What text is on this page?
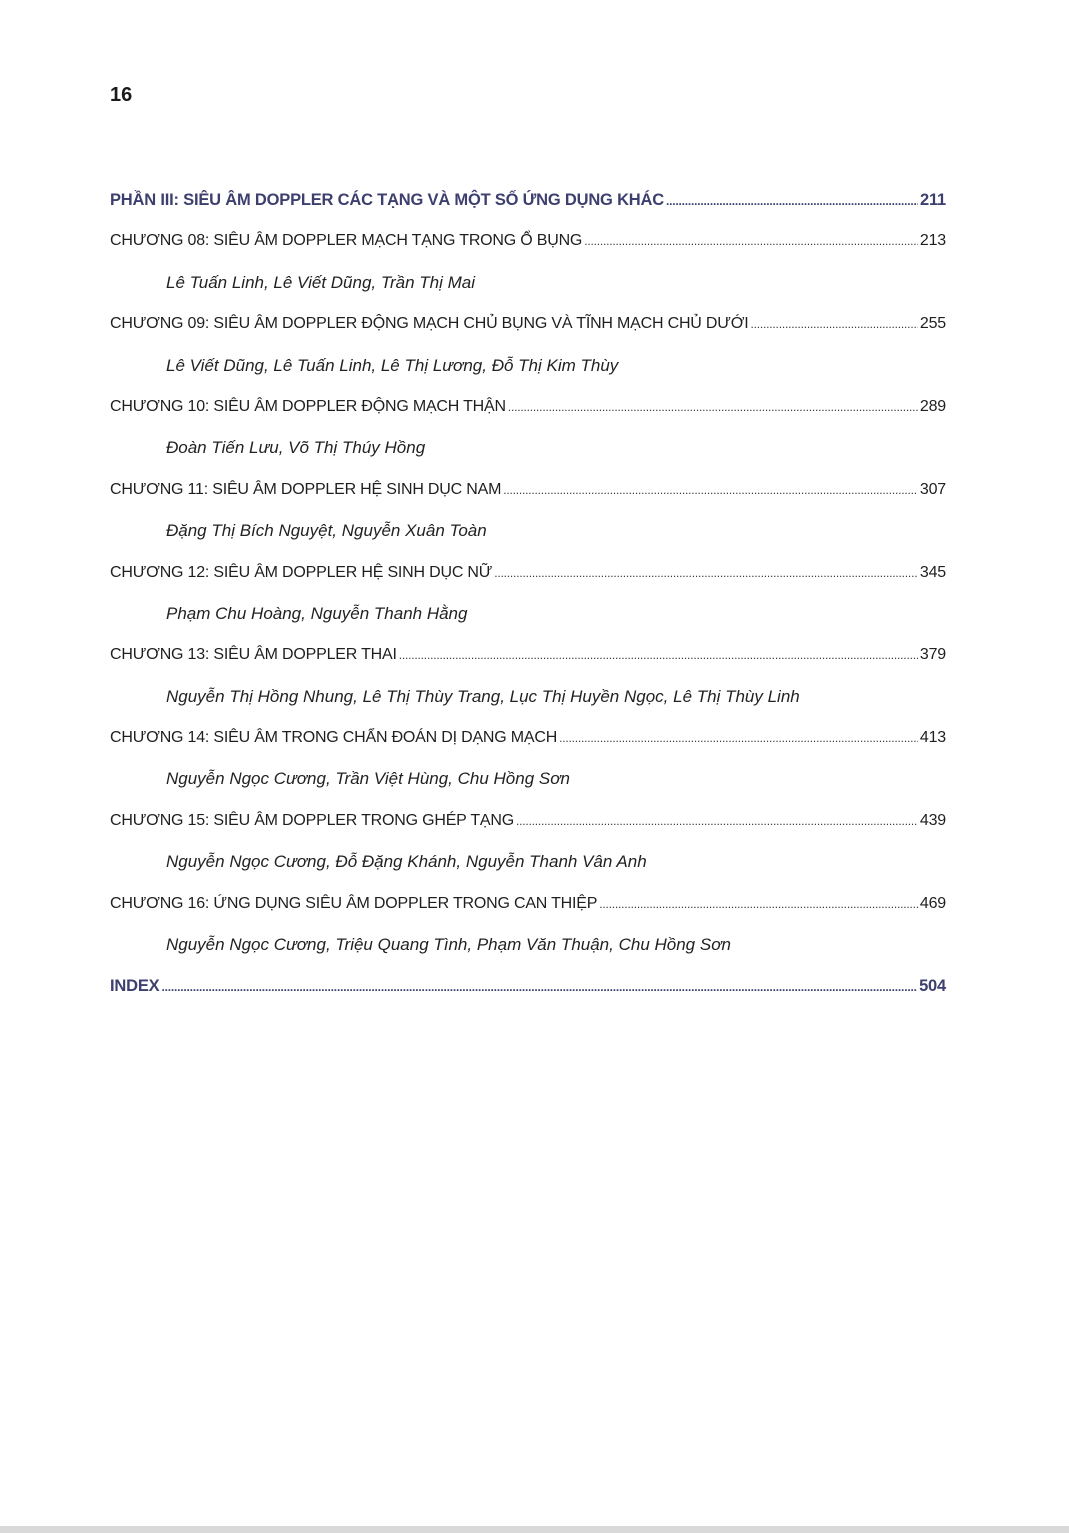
16
PHẦN III: SIÊU ÂM DOPPLER CÁC TẠNG VÀ MỘT SỐ ỨNG DỤNG KHÁC .....	211
CHƯƠNG 08: SIÊU ÂM DOPPLER MẠCH TẠNG TRONG Ổ BỤNG .....	213
Lê Tuấn Linh, Lê Viết Dũng, Trần Thị Mai
CHƯƠNG 09: SIÊU ÂM DOPPLER ĐỘNG MẠCH CHỦ BỤNG VÀ TĨNH MẠCH CHỦ DƯỚI .....	255
Lê Viết Dũng, Lê Tuấn Linh, Lê Thị Lương, Đỗ Thị Kim Thùy
CHƯƠNG 10: SIÊU ÂM DOPPLER ĐỘNG MẠCH THẬN .....	289
Đoàn Tiến Lưu, Võ Thị Thúy Hồng
CHƯƠNG 11: SIÊU ÂM DOPPLER HỆ SINH DỤC NAM .....	307
Đặng Thị Bích Nguyệt, Nguyễn Xuân Toàn
CHƯƠNG 12: SIÊU ÂM DOPPLER HỆ SINH DỤC NỮ .....	345
Phạm Chu Hoàng, Nguyễn Thanh Hằng
CHƯƠNG 13: SIÊU ÂM DOPPLER THAI .....	379
Nguyễn Thị Hồng Nhung, Lê Thị Thùy Trang, Lục Thị Huyền Ngọc, Lê Thị Thùy Linh
CHƯƠNG 14: SIÊU ÂM TRONG CHẨN ĐOÁN DỊ DẠNG MẠCH .....	413
Nguyễn Ngọc Cương, Trần Việt Hùng, Chu Hồng Sơn
CHƯƠNG 15: SIÊU ÂM DOPPLER TRONG GHÉP TẠNG .....	439
Nguyễn Ngọc Cương, Đỗ Đặng Khánh, Nguyễn Thanh Vân Anh
CHƯƠNG 16: ỨNG DỤNG SIÊU ÂM DOPPLER TRONG CAN THIỆP .....	469
Nguyễn Ngọc Cương, Triệu Quang Tình, Phạm Văn Thuận, Chu Hồng Sơn
INDEX .....	504
